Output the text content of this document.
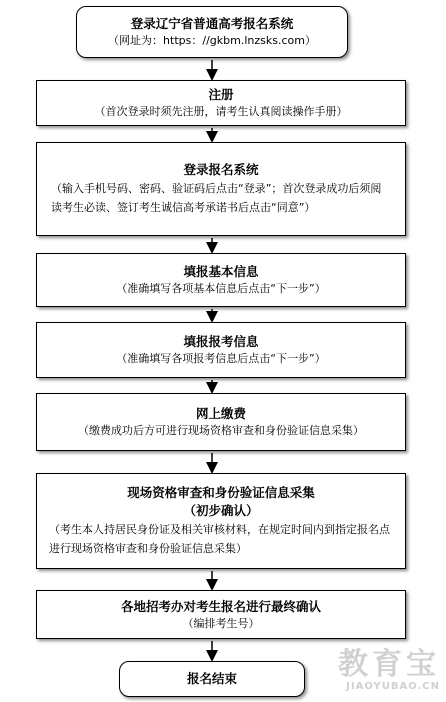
登录辽宁省普通高考报名系统
（网址为：https：//gkbm.lnzsks.com）
注册
（首次登录时须先注册，请考生认真阅读操作手册）
登录报名系统
（输入手机号码、密码、验证码后点击“登录”；首次登录成功后须阅读考生必读、签订考生诚信高考承诺书后点击“同意”）
填报基本信息
（准确填写各项基本信息后点击“下一步”）
填报报考信息
（准确填写各项报考信息后点击“下一步”）
网上缴费
（缴费成功后方可进行现场资格审查和身份验证信息采集）
现场资格审查和身份验证信息采集
（初步确认）
（考生本人持居民身份证及相关审核材料，在规定时间内到指定报名点进行现场资格审查和身份验证信息采集）
各地招考办对考生报名进行最终确认
（编排考生号）
报名结束	教育宝
JIAOYUBAO.CN
